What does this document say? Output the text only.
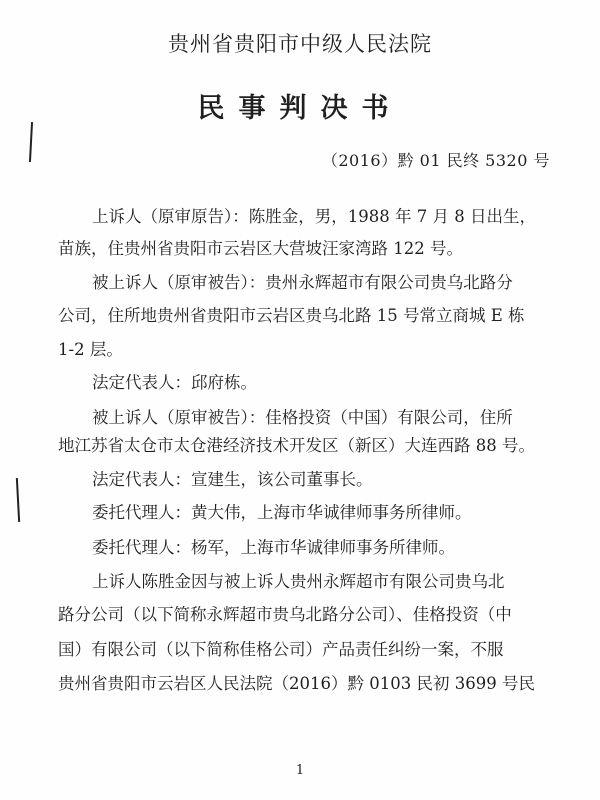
贵州省贵阳市中级人民法院
民事判决书
（2016）黔 01 民终 5320 号
上诉人（原审原告）：陈胜金，男，1988 年 7 月 8 日出生，
苗族，住贵州省贵阳市云岩区大营坡汪家湾路 122 号。
被上诉人（原审被告）：贵州永辉超市有限公司贵乌北路分
公司，住所地贵州省贵阳市云岩区贵乌北路 15 号常立商城 E 栋
1-2 层。
法定代表人：邱府栋。
被上诉人（原审被告）：佳格投资（中国）有限公司，住所
地江苏省太仓市太仓港经济技术开发区（新区）大连西路 88 号。
法定代表人：宣建生，该公司董事长。
委托代理人：黄大伟，上海市华诚律师事务所律师。
委托代理人：杨军，上海市华诚律师事务所律师。
上诉人陈胜金因与被上诉人贵州永辉超市有限公司贵乌北
路分公司（以下简称永辉超市贵乌北路分公司）、佳格投资（中
国）有限公司（以下简称佳格公司）产品责任纠纷一案，不服
贵州省贵阳市云岩区人民法院（2016）黔 0103 民初 3699 号民
1
